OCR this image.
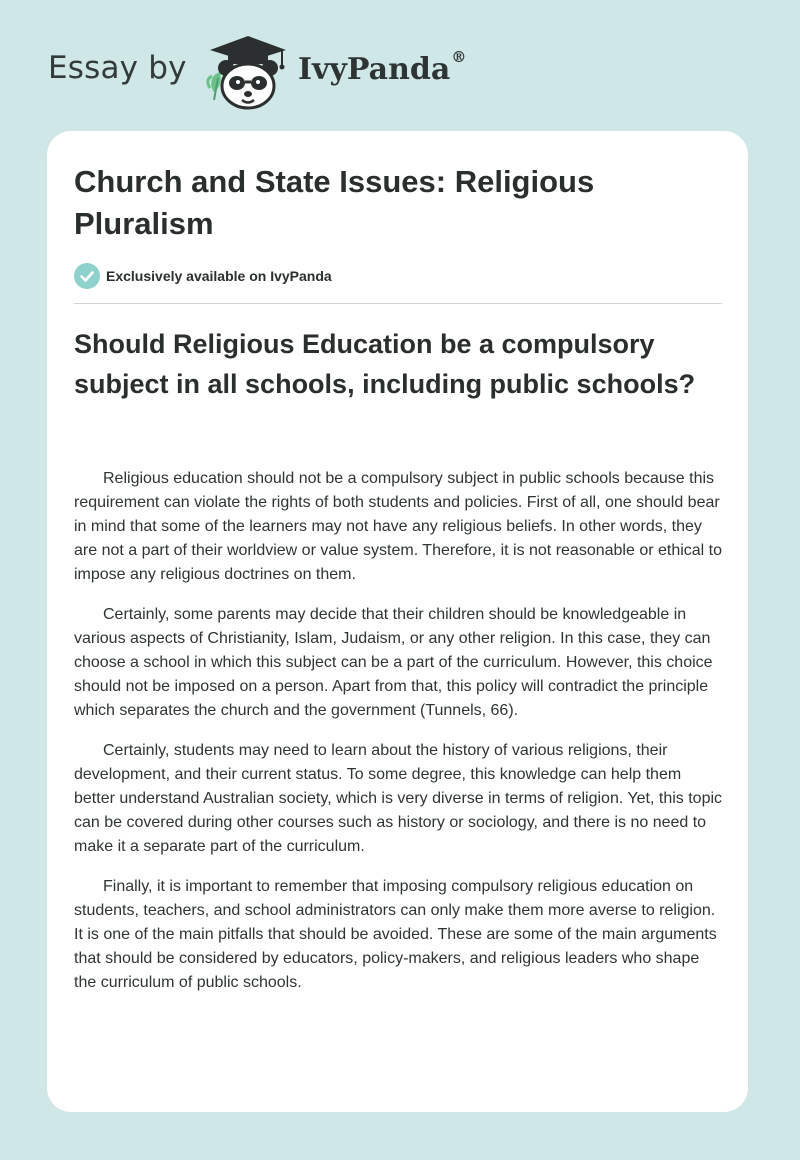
Essay by	IvyPanda®
Church and State Issues: Religious Pluralism
Exclusively available on IvyPanda
Should Religious Education be a compulsory subject in all schools, including public schools?

Religious education should not be a compulsory subject in public schools because this requirement can violate the rights of both students and policies. First of all, one should bear in mind that some of the learners may not have any religious beliefs. In other words, they are not a part of their worldview or value system. Therefore, it is not reasonable or ethical to impose any religious doctrines on them.

Certainly, some parents may decide that their children should be knowledgeable in various aspects of Christianity, Islam, Judaism, or any other religion. In this case, they can choose a school in which this subject can be a part of the curriculum. However, this choice should not be imposed on a person. Apart from that, this policy will contradict the principle which separates the church and the government (Tunnels, 66).

Certainly, students may need to learn about the history of various religions, their development, and their current status. To some degree, this knowledge can help them better understand Australian society, which is very diverse in terms of religion. Yet, this topic can be covered during other courses such as history or sociology, and there is no need to make it a separate part of the curriculum.

Finally, it is important to remember that imposing compulsory religious education on students, teachers, and school administrators can only make them more averse to religion. It is one of the main pitfalls that should be avoided. These are some of the main arguments that should be considered by educators, policy-makers, and religious leaders who shape the curriculum of public schools.
